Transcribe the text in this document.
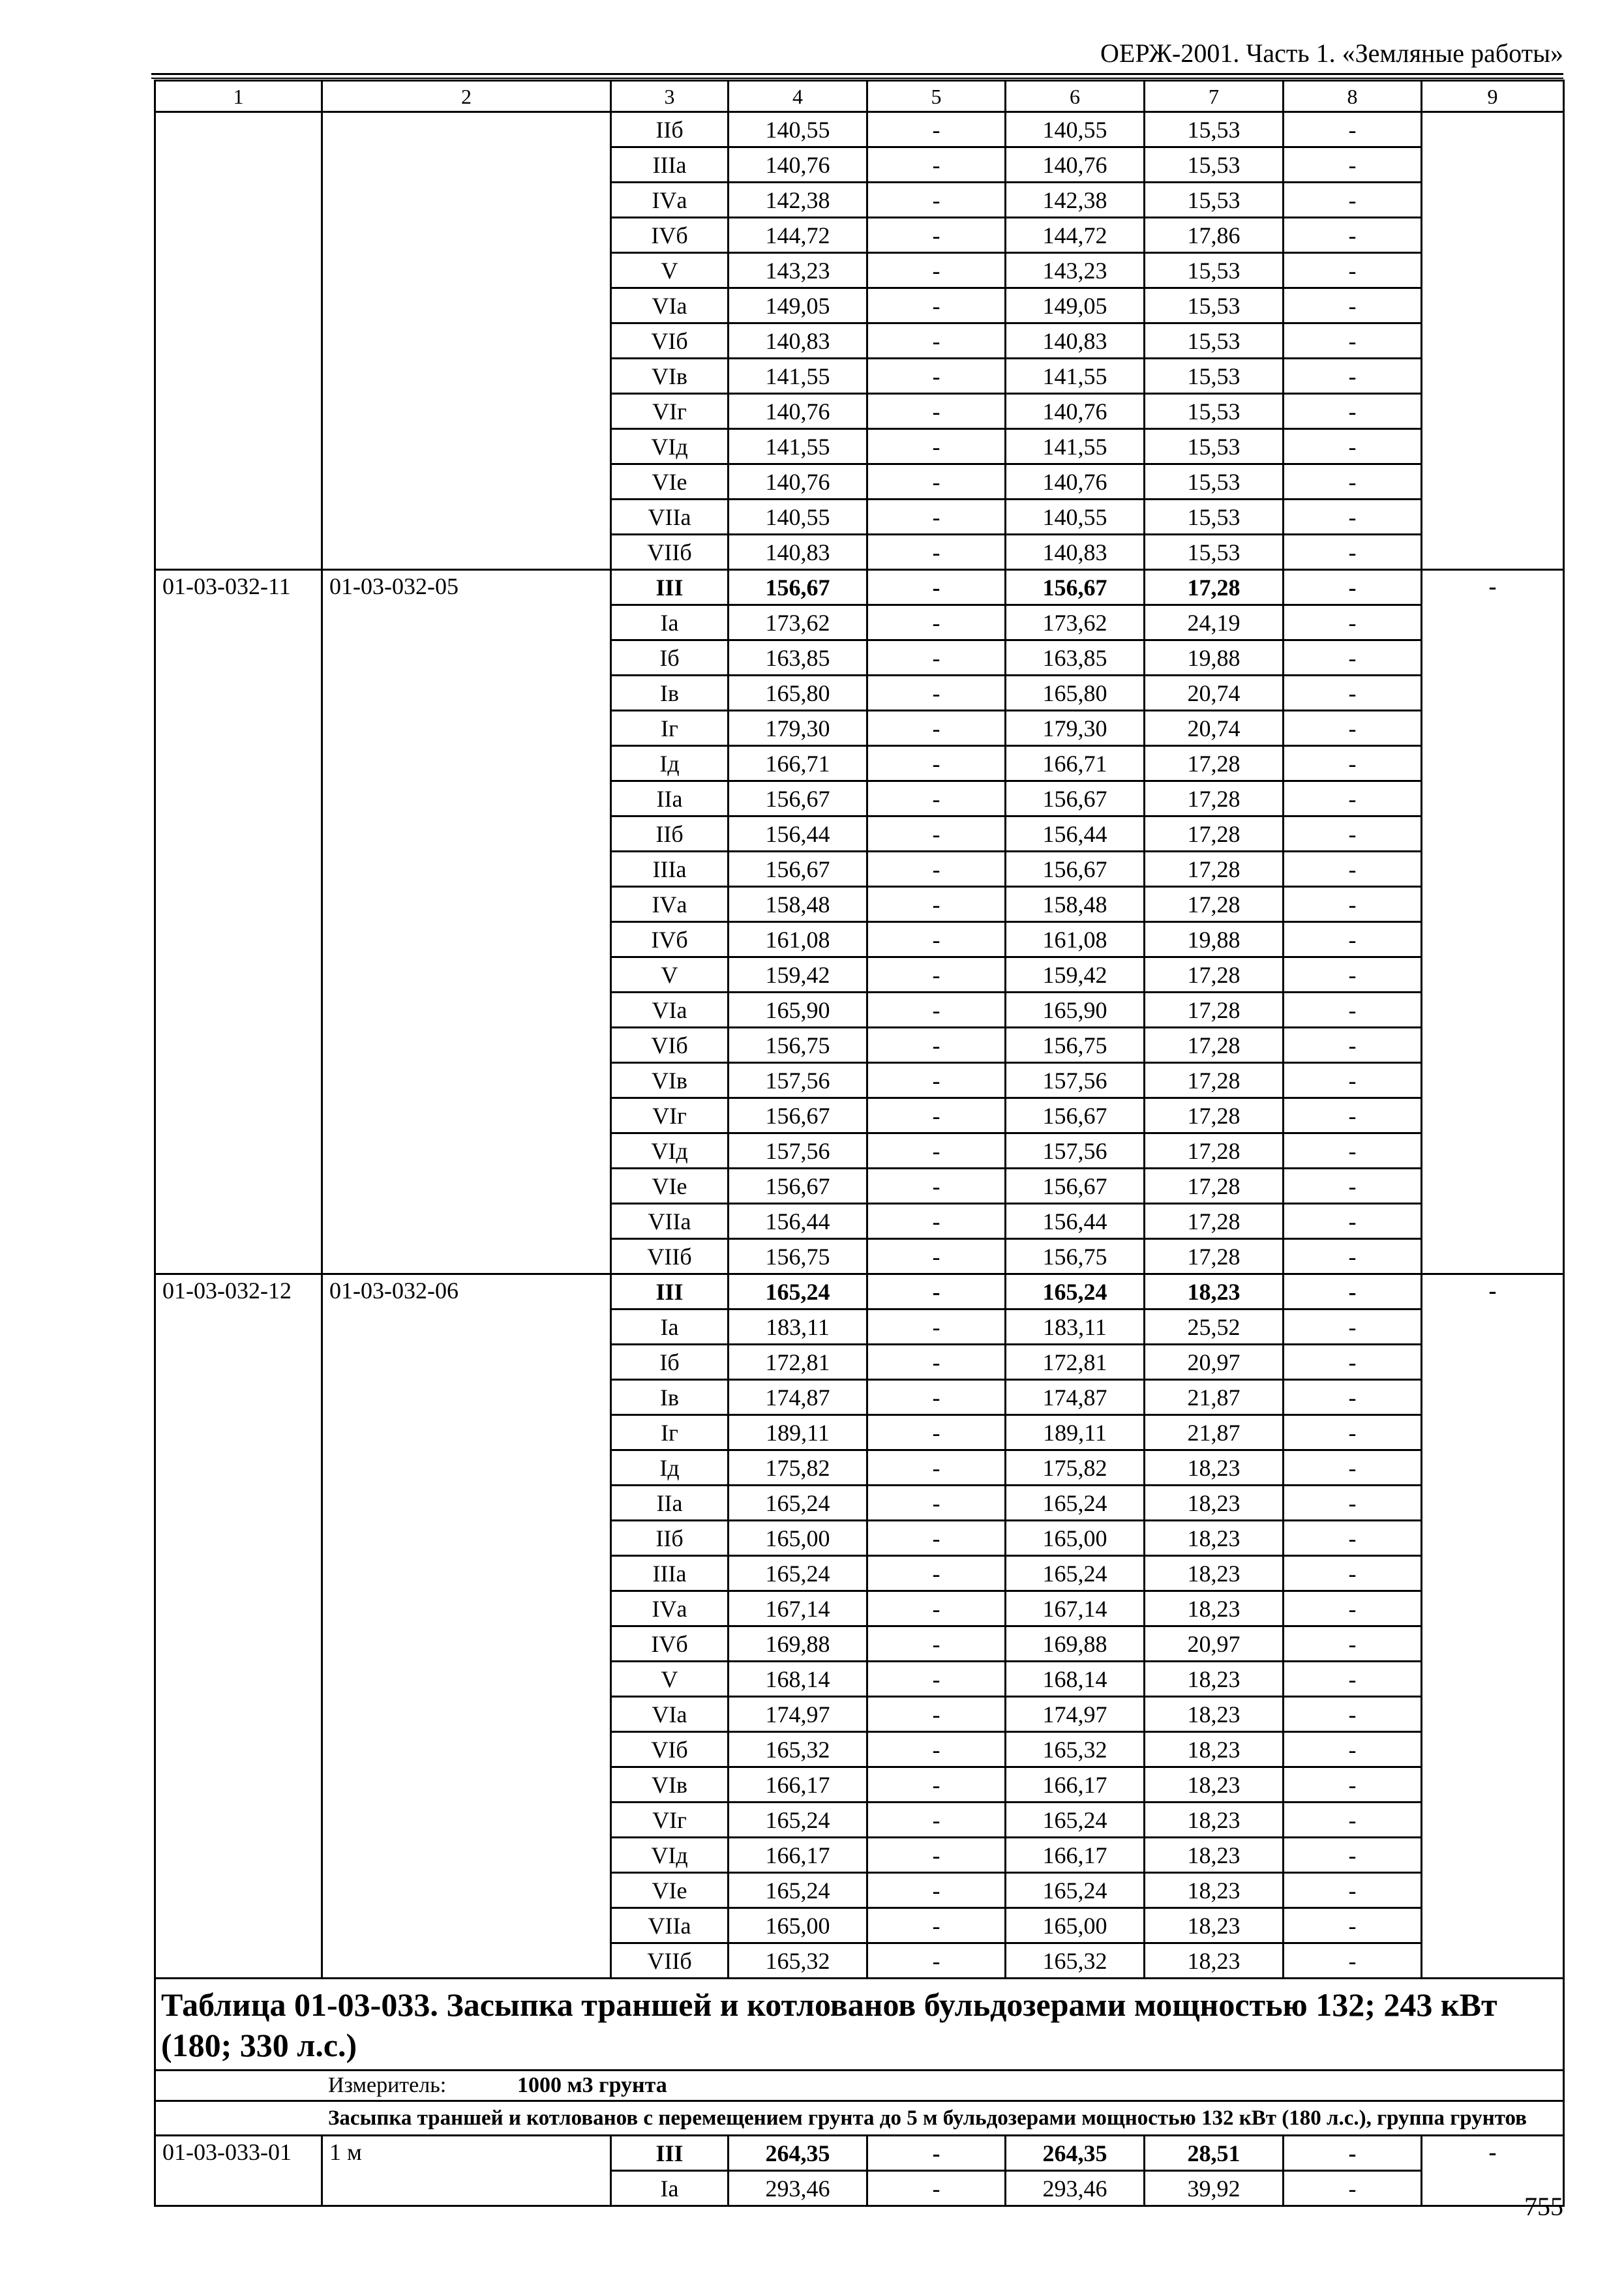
ОЕРЖ-2001. Часть 1. «Земляные работы»
1	2	3	4	5	6	7	8	9
		IIб	140,55	-	140,55	15,53	-	
		IIIа	140,76	-	140,76	15,53	-	
		IVа	142,38	-	142,38	15,53	-	
		IVб	144,72	-	144,72	17,86	-	
		V	143,23	-	143,23	15,53	-	
		VIа	149,05	-	149,05	15,53	-	
		VIб	140,83	-	140,83	15,53	-	
		VIв	141,55	-	141,55	15,53	-	
		VIг	140,76	-	140,76	15,53	-	
		VIд	141,55	-	141,55	15,53	-	
		VIе	140,76	-	140,76	15,53	-	
		VIIа	140,55	-	140,55	15,53	-	
		VIIб	140,83	-	140,83	15,53	-	
01-03-032-11	01-03-032-05	III	156,67	-	156,67	17,28	-	-
		Iа	173,62	-	173,62	24,19	-	
		Iб	163,85	-	163,85	19,88	-	
		Iв	165,80	-	165,80	20,74	-	
		Iг	179,30	-	179,30	20,74	-	
		Iд	166,71	-	166,71	17,28	-	
		IIа	156,67	-	156,67	17,28	-	
		IIб	156,44	-	156,44	17,28	-	
		IIIа	156,67	-	156,67	17,28	-	
		IVа	158,48	-	158,48	17,28	-	
		IVб	161,08	-	161,08	19,88	-	
		V	159,42	-	159,42	17,28	-	
		VIа	165,90	-	165,90	17,28	-	
		VIб	156,75	-	156,75	17,28	-	
		VIв	157,56	-	157,56	17,28	-	
		VIг	156,67	-	156,67	17,28	-	
		VIд	157,56	-	157,56	17,28	-	
		VIе	156,67	-	156,67	17,28	-	
		VIIа	156,44	-	156,44	17,28	-	
		VIIб	156,75	-	156,75	17,28	-	
01-03-032-12	01-03-032-06	III	165,24	-	165,24	18,23	-	-
		Iа	183,11	-	183,11	25,52	-	
		Iб	172,81	-	172,81	20,97	-	
		Iв	174,87	-	174,87	21,87	-	
		Iг	189,11	-	189,11	21,87	-	
		Iд	175,82	-	175,82	18,23	-	
		IIа	165,24	-	165,24	18,23	-	
		IIб	165,00	-	165,00	18,23	-	
		IIIа	165,24	-	165,24	18,23	-	
		IVа	167,14	-	167,14	18,23	-	
		IVб	169,88	-	169,88	20,97	-	
		V	168,14	-	168,14	18,23	-	
		VIа	174,97	-	174,97	18,23	-	
		VIб	165,32	-	165,32	18,23	-	
		VIв	166,17	-	166,17	18,23	-	
		VIг	165,24	-	165,24	18,23	-	
		VIд	166,17	-	166,17	18,23	-	
		VIе	165,24	-	165,24	18,23	-	
		VIIа	165,00	-	165,00	18,23	-	
		VIIб	165,32	-	165,32	18,23	-	
Таблица 01-03-033. Засыпка траншей и котлованов бульдозерами мощностью 132; 243 кВт (180; 330 л.с.)								
Измеритель: 1000 м3 грунта								
Засыпка траншей и котлованов с перемещением грунта до 5 м бульдозерами мощностью 132 кВт (180 л.с.), группа грунтов								
01-03-033-01	1 м	III	264,35	-	264,35	28,51	-	-
		Iа	293,46	-	293,46	39,92	-	
755
